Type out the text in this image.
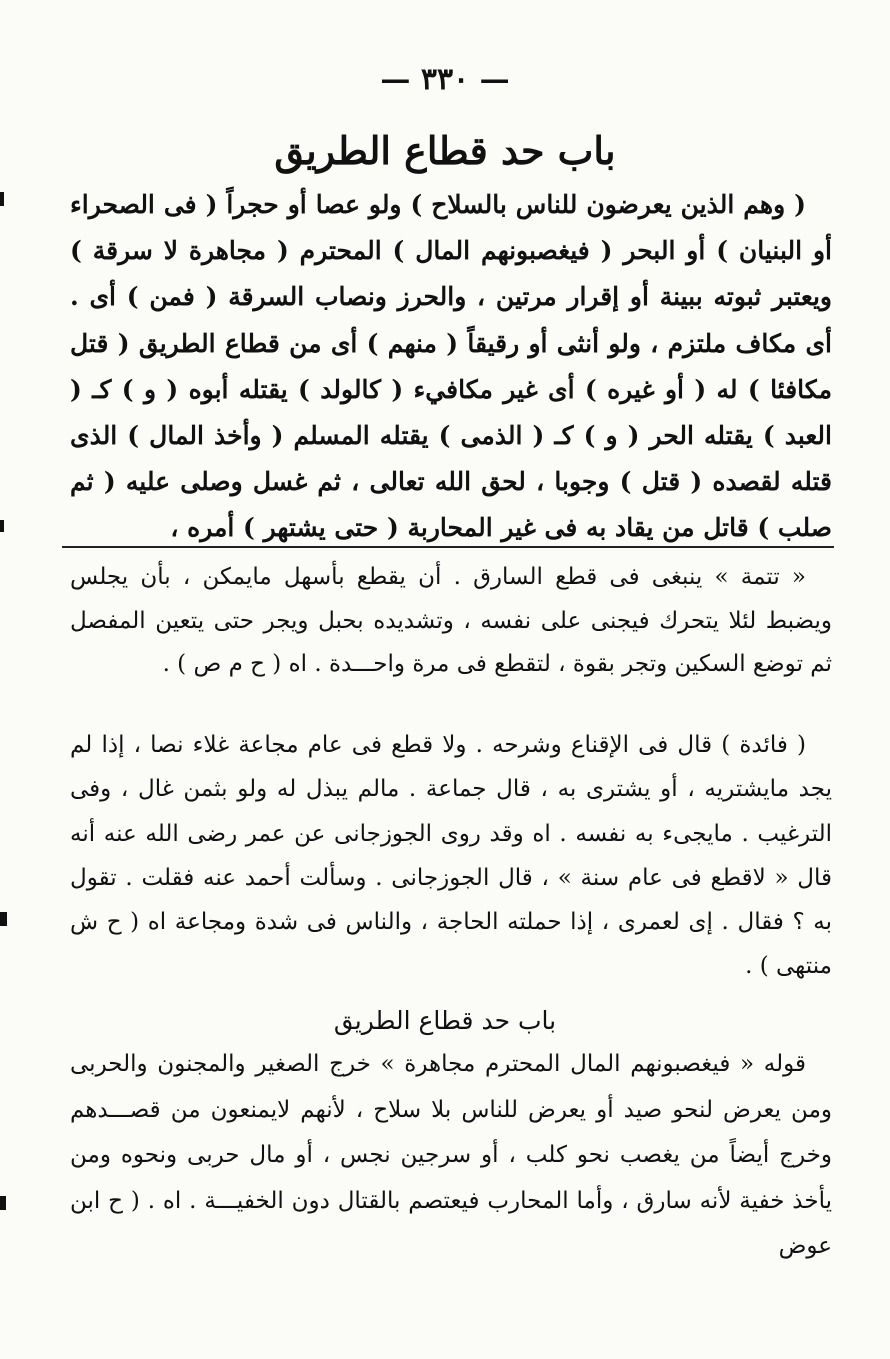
— ٣٣٠ —
باب حد قطاع الطريق

( وهم الذين يعرضون للناس بالسلاح ) ولو عصا أو حجراً ( فى الصحراء أو البنيان ) أو البحر ( فيغصبونهم المال ) المحترم ( مجاهرة لا سرقة ) ويعتبر ثبوته ببينة أو إقرار مرتين ، والحرز ونصاب السرقة ( فمن ) أى . أى مكاف ملتزم ، ولو أنثى أو رقيقاً ( منهم ) أى من قطاع الطريق ( قتل مكافئا ) له ( أو غيره ) أى غير مكافيء ( كالولد ) يقتله أبوه ( و ) كـ ( العبد ) يقتله الحر ( و ) كـ ( الذمى ) يقتله المسلم ( وأخذ المال ) الذى قتله لقصده ( قتل ) وجوبا ، لحق الله تعالى ، ثم غسل وصلى عليه ( ثم صلب ) قاتل من يقاد به فى غير المحاربة ( حتى يشتهر ) أمره ،

« تتمة » ينبغى فى قطع السارق . أن يقطع بأسهل مايمكن ، بأن يجلس ويضبط لئلا يتحرك فيجنى على نفسه ، وتشديده بحبل ويجر حتى يتعين المفصل ثم توضع السكين وتجر بقوة ، لتقطع فى مرة واحـــدة . اه ( ح م ص ) .

( فائدة ) قال فى الإقناع وشرحه . ولا قطع فى عام مجاعة غلاء نصا ، إذا لم يجد مايشتريه ، أو يشترى به ، قال جماعة . مالم يبذل له ولو بثمن غال ، وفى الترغيب . مايجىء به نفسه . اه وقد روى الجوزجانى عن عمر رضى الله عنه أنه قال « لاقطع فى عام سنة » ، قال الجوزجانى . وسألت أحمد عنه فقلت . تقول به ؟ فقال . إى لعمرى ، إذا حملته الحاجة ، والناس فى شدة ومجاعة اه ( ح ش منتهى ) .

باب حد قطاع الطريق

قوله « فيغصبونهم المال المحترم مجاهرة » خرج الصغير والمجنون والحربى ومن يعرض لنحو صيد أو يعرض للناس بلا سلاح ، لأنهم لايمنعون من قصـــدهم وخرج أيضاً من يغصب نحو كلب ، أو سرجين نجس ، أو مال حربى ونحوه ومن يأخذ خفية لأنه سارق ، وأما المحارب فيعتصم بالقتال دون الخفيـــة . اه . ( ح ابن عوض
